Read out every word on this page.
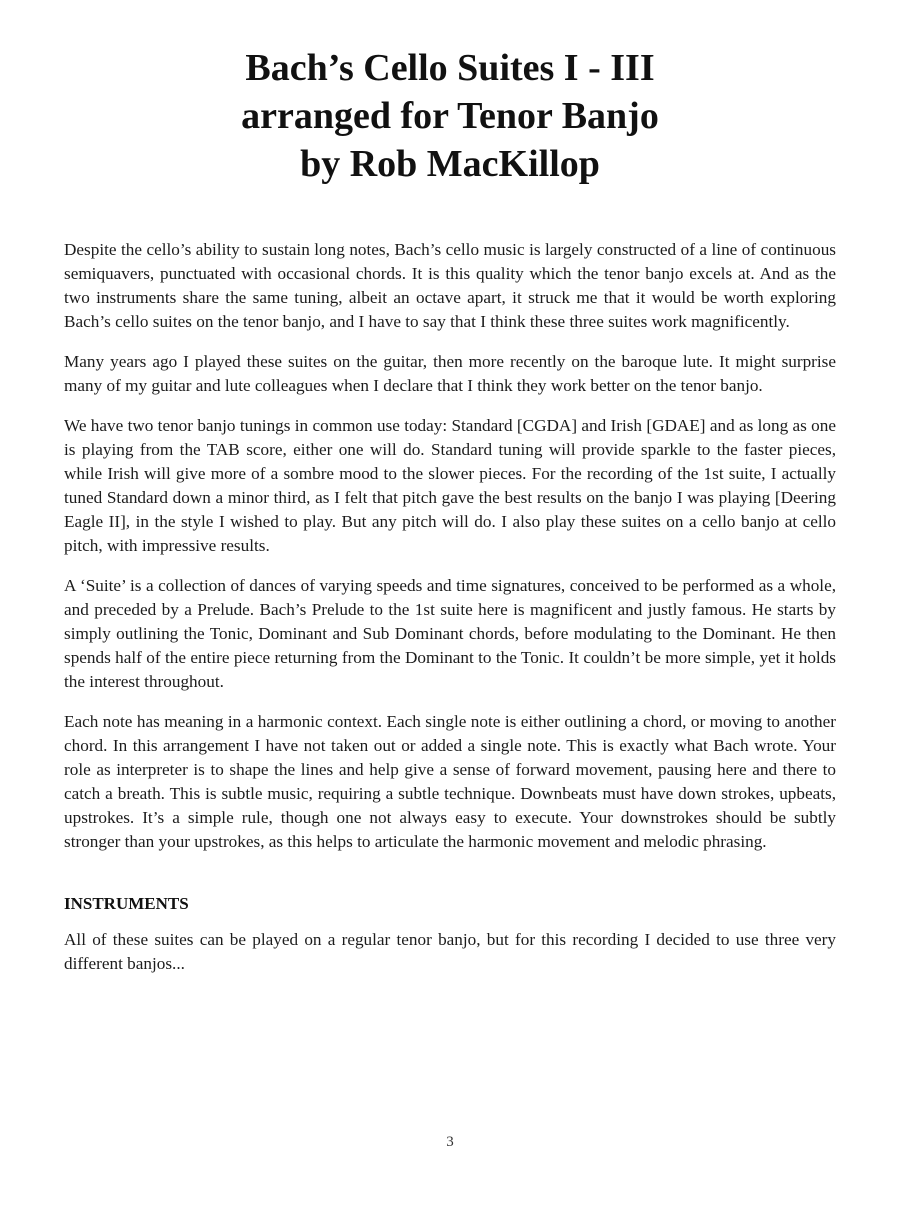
Bach’s Cello Suites I - III
arranged for Tenor Banjo
by Rob MacKillop

Despite the cello’s ability to sustain long notes, Bach’s cello music is largely constructed of a line of continuous semiquavers, punctuated with occasional chords. It is this quality which the tenor banjo excels at. And as the two instruments share the same tuning, albeit an octave apart, it struck me that it would be worth exploring Bach’s cello suites on the tenor banjo, and I have to say that I think these three suites work magnificently.

Many years ago I played these suites on the guitar, then more recently on the baroque lute. It might surprise many of my guitar and lute colleagues when I declare that I think they work better on the tenor banjo.

We have two tenor banjo tunings in common use today: Standard [CGDA] and Irish [GDAE] and as long as one is playing from the TAB score, either one will do. Standard tuning will provide sparkle to the faster pieces, while Irish will give more of a sombre mood to the slower pieces. For the recording of the 1st suite, I actually tuned Standard down a minor third, as I felt that pitch gave the best results on the banjo I was playing [Deering Eagle II], in the style I wished to play. But any pitch will do. I also play these suites on a cello banjo at cello pitch, with impressive results.

A ‘Suite’ is a collection of dances of varying speeds and time signatures, conceived to be performed as a whole, and preceded by a Prelude. Bach’s Prelude to the 1st suite here is magnificent and justly famous. He starts by simply outlining the Tonic, Dominant and Sub Dominant chords, before modulating to the Dominant. He then spends half of the entire piece returning from the Dominant to the Tonic. It couldn’t be more simple, yet it holds the interest throughout.

Each note has meaning in a harmonic context. Each single note is either outlining a chord, or moving to another chord. In this arrangement I have not taken out or added a single note. This is exactly what Bach wrote. Your role as interpreter is to shape the lines and help give a sense of forward movement, pausing here and there to catch a breath. This is subtle music, requiring a subtle technique. Downbeats must have down strokes, upbeats, upstrokes. It’s a simple rule, though one not always easy to execute. Your downstrokes should be subtly stronger than your upstrokes, as this helps to articulate the harmonic movement and melodic phrasing.

INSTRUMENTS

All of these suites can be played on a regular tenor banjo, but for this recording I decided to use three very different banjos...

3
